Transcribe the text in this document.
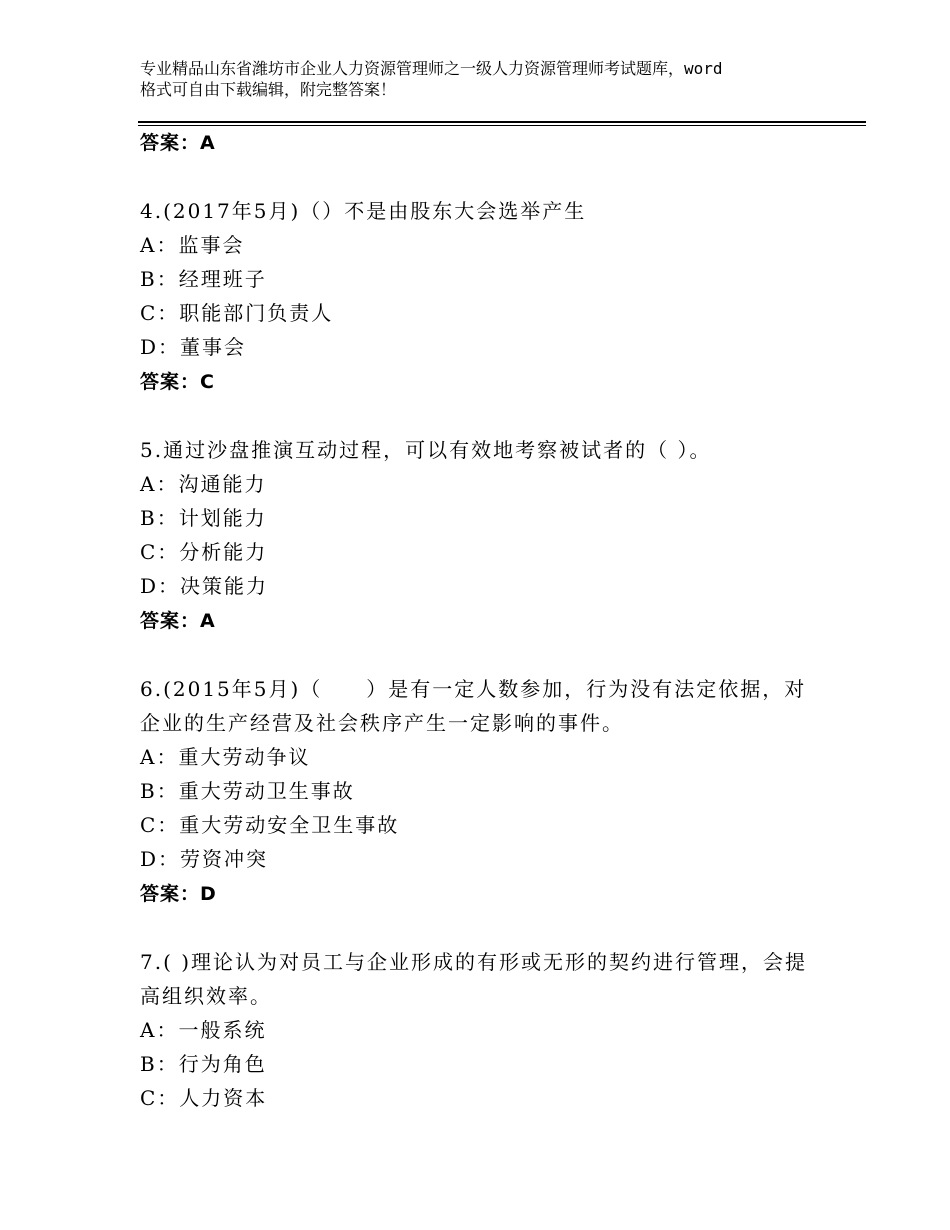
专业精品山东省潍坊市企业人力资源管理师之一级人力资源管理师考试题库，word
格式可自由下载编辑，附完整答案！
答案：A
4.(2017年5月)（）不是由股东大会选举产生
A：监事会
B：经理班子
C：职能部门负责人
D：董事会
答案：C
5.通过沙盘推演互动过程，可以有效地考察被试者的（ ）。
A：沟通能力
B：计划能力
C：分析能力
D：决策能力
答案：A
6.(2015年5月)（　　）是有一定人数参加，行为没有法定依据，对
企业的生产经营及社会秩序产生一定影响的事件。
A：重大劳动争议
B：重大劳动卫生事故
C：重大劳动安全卫生事故
D：劳资冲突
答案：D
7.( )理论认为对员工与企业形成的有形或无形的契约进行管理，会提
高组织效率。
A：一般系统
B：行为角色
C：人力资本
